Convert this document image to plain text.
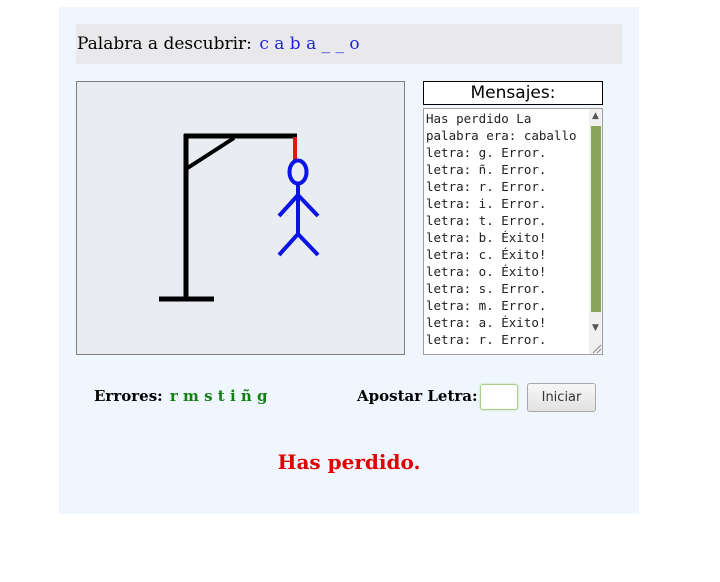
Palabra a descubrir: c a b a _ _ o
Mensajes:
Has perdido La palabra era: caballo
letra: g. Error.
letra: ñ. Error.
letra: r. Error.
letra: i. Error.
letra: t. Error.
letra: b. Éxito!
letra: c. Éxito!
letra: o. Éxito!
letra: s. Error.
letra: m. Error.
letra: a. Éxito!
letra: r. Error.
▲
▼
Errores: r m s t i ñ g	Apostar Letra:	Iniciar
Has perdido.
